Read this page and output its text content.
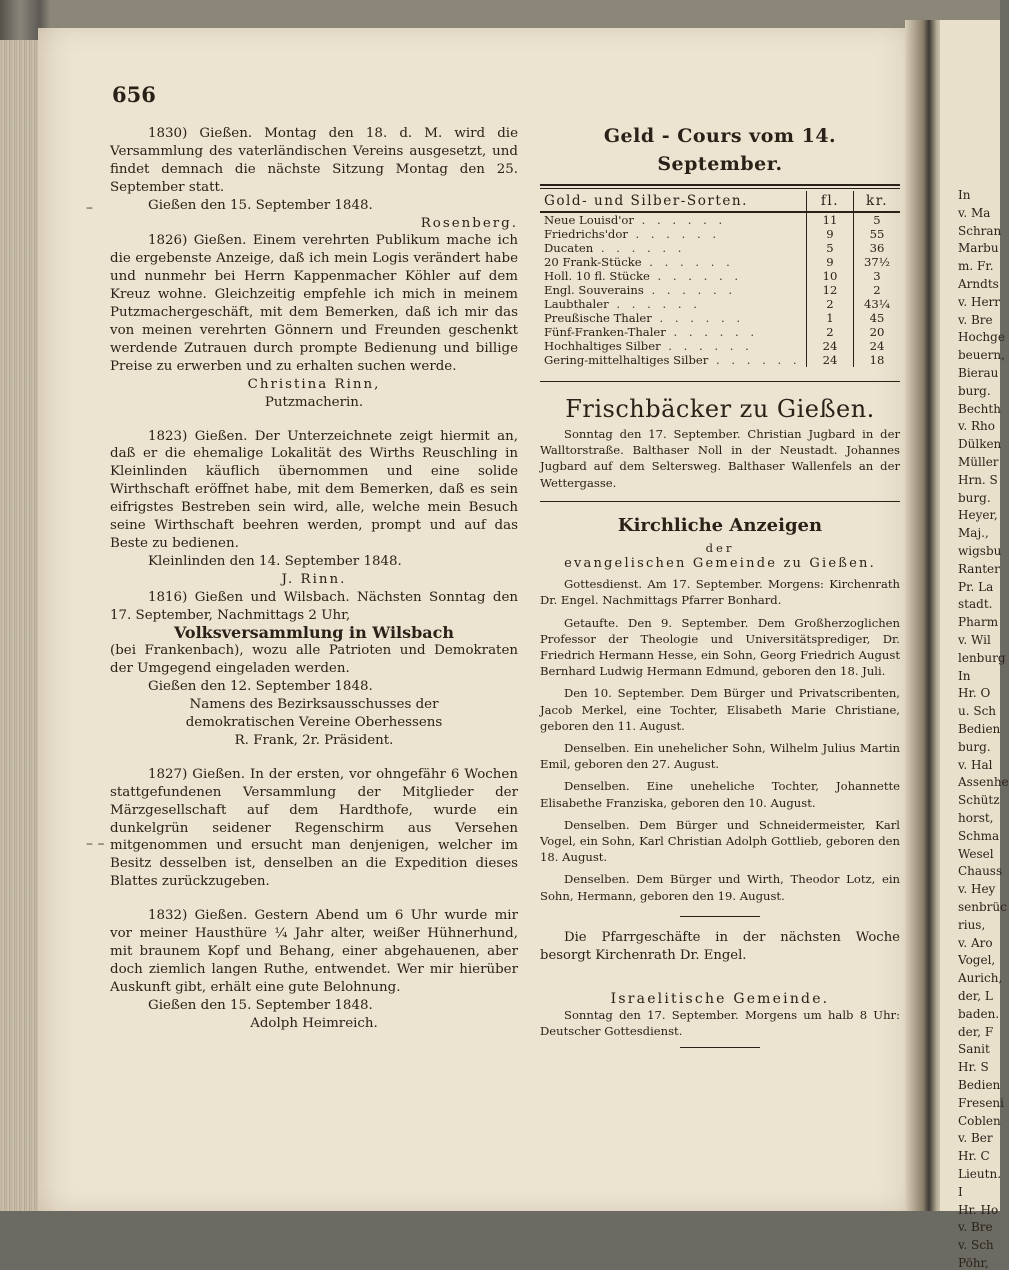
In
v. Ma
Schran
Marbu
m. Fr.
Arndts
v. Herr
v. Bre
Hochge
beuern,
Bierau
burg.
Bechth
v. Rho
Dülken
Müller
Hrn. S
burg.
Heyer,
Maj.,
wigsbu
Ranter
Pr. La
stadt.
Pharm
v. Wil
lenburg
In
Hr. O
u. Sch
Bedien
burg.
v. Hal
Assenhe
Schütz
horst,
Schma
Wesel
Chauss
v. Hey
senbrüc
rius,
v. Aro
Vogel,
Aurich,
der, L
baden.
der, F
Sanit
Hr. S
Bedien
Freseni
Coblen
v. Ber
Hr. C
Lieutn.
I
Hr. Ho
v. Bre
v. Sch
Pöhr,
656
–
– –

1830) Gießen. Montag den 18. d. M. wird die Versammlung des vaterländischen Vereins ausgesetzt, und findet demnach die nächste Sitzung Montag den 25. September statt.

Gießen den 15. September 1848.

Rosenberg.

1826) Gießen. Einem verehrten Publikum mache ich die ergebenste Anzeige, daß ich mein Logis verändert habe und nunmehr bei Herrn Kappenmacher Köhler auf dem Kreuz wohne. Gleichzeitig empfehle ich mich in meinem Putzmachergeschäft, mit dem Bemerken, daß ich mir das von meinen verehrten Gönnern und Freunden geschenkt werdende Zutrauen durch prompte Bedienung und billige Preise zu erwerben und zu erhalten suchen werde.

Christina Rinn,

Putzmacherin.

1823) Gießen. Der Unterzeichnete zeigt hiermit an, daß er die ehemalige Lokalität des Wirths Reuschling in Kleinlinden käuflich übernommen und eine solide Wirthschaft eröffnet habe, mit dem Bemerken, daß es sein eifrigstes Bestreben sein wird, alle, welche mein Besuch seine Wirthschaft beehren werden, prompt und auf das Beste zu bedienen.

Kleinlinden den 14. September 1848.

J. Rinn.

1816) Gießen und Wilsbach. Nächsten Sonntag den 17. September, Nachmittags 2 Uhr,

Volksversammlung in Wilsbach

(bei Frankenbach), wozu alle Patrioten und Demokraten der Umgegend eingeladen werden.

Gießen den 12. September 1848.

Namens des Bezirksausschusses der

demokratischen Vereine Oberhessens

R. Frank, 2r. Präsident.

1827) Gießen. In der ersten, vor ohngefähr 6 Wochen stattgefundenen Versammlung der Mitglieder der Märzgesellschaft auf dem Hardthofe, wurde ein dunkelgrün seidener Regenschirm aus Versehen mitgenommen und ersucht man denjenigen, welcher im Besitz desselben ist, denselben an die Expedition dieses Blattes zurückzugeben.

1832) Gießen. Gestern Abend um 6 Uhr wurde mir vor meiner Hausthüre ¼ Jahr alter, weißer Hühnerhund, mit braunem Kopf und Behang, einer abgehauenen, aber doch ziemlich langen Ruthe, entwendet. Wer mir hierüber Auskunft gibt, erhält eine gute Belohnung.

Gießen den 15. September 1848.

Adolph Heimreich.

Geld - Cours vom 14. September.

Gold- und Silber-Sorten.	fl.	kr.
Neue Louisd'or . . . . . .	11	5
Friedrichs'dor . . . . . .	9	55
Ducaten . . . . . .	5	36
20 Frank-Stücke . . . . . .	9	37½
Holl. 10 fl. Stücke . . . . . .	10	3
Engl. Souverains . . . . . .	12	2
Laubthaler . . . . . .	2	43¼
Preußische Thaler . . . . . .	1	45
Fünf-Franken-Thaler . . . . . .	2	20
Hochhaltiges Silber . . . . . .	24	24
Gering-mittelhaltiges Silber . . . . . .	24	18

Frischbäcker zu Gießen.

Sonntag den 17. September. Christian Jugbard in der Walltorstraße. Balthaser Noll in der Neustadt. Johannes Jugbard auf dem Seltersweg. Balthaser Wallenfels an der Wettergasse.

Kirchliche Anzeigen

der

evangelischen Gemeinde zu Gießen.

Gottesdienst. Am 17. September. Morgens: Kirchenrath Dr. Engel. Nachmittags Pfarrer Bonhard.

Getaufte. Den 9. September. Dem Großherzoglichen Professor der Theologie und Universitätsprediger, Dr. Friedrich Hermann Hesse, ein Sohn, Georg Friedrich August Bernhard Ludwig Hermann Edmund, geboren den 18. Juli.

Den 10. September. Dem Bürger und Privatscribenten, Jacob Merkel, eine Tochter, Elisabeth Marie Christiane, geboren den 11. August.

Denselben. Ein unehelicher Sohn, Wilhelm Julius Martin Emil, geboren den 27. August.

Denselben. Eine uneheliche Tochter, Johannette Elisabethe Franziska, geboren den 10. August.

Denselben. Dem Bürger und Schneidermeister, Karl Vogel, ein Sohn, Karl Christian Adolph Gottlieb, geboren den 18. August.

Denselben. Dem Bürger und Wirth, Theodor Lotz, ein Sohn, Hermann, geboren den 19. August.

Die Pfarrgeschäfte in der nächsten Woche besorgt Kirchenrath Dr. Engel.

Israelitische Gemeinde.

Sonntag den 17. September. Morgens um halb 8 Uhr: Deutscher Gottesdienst.
